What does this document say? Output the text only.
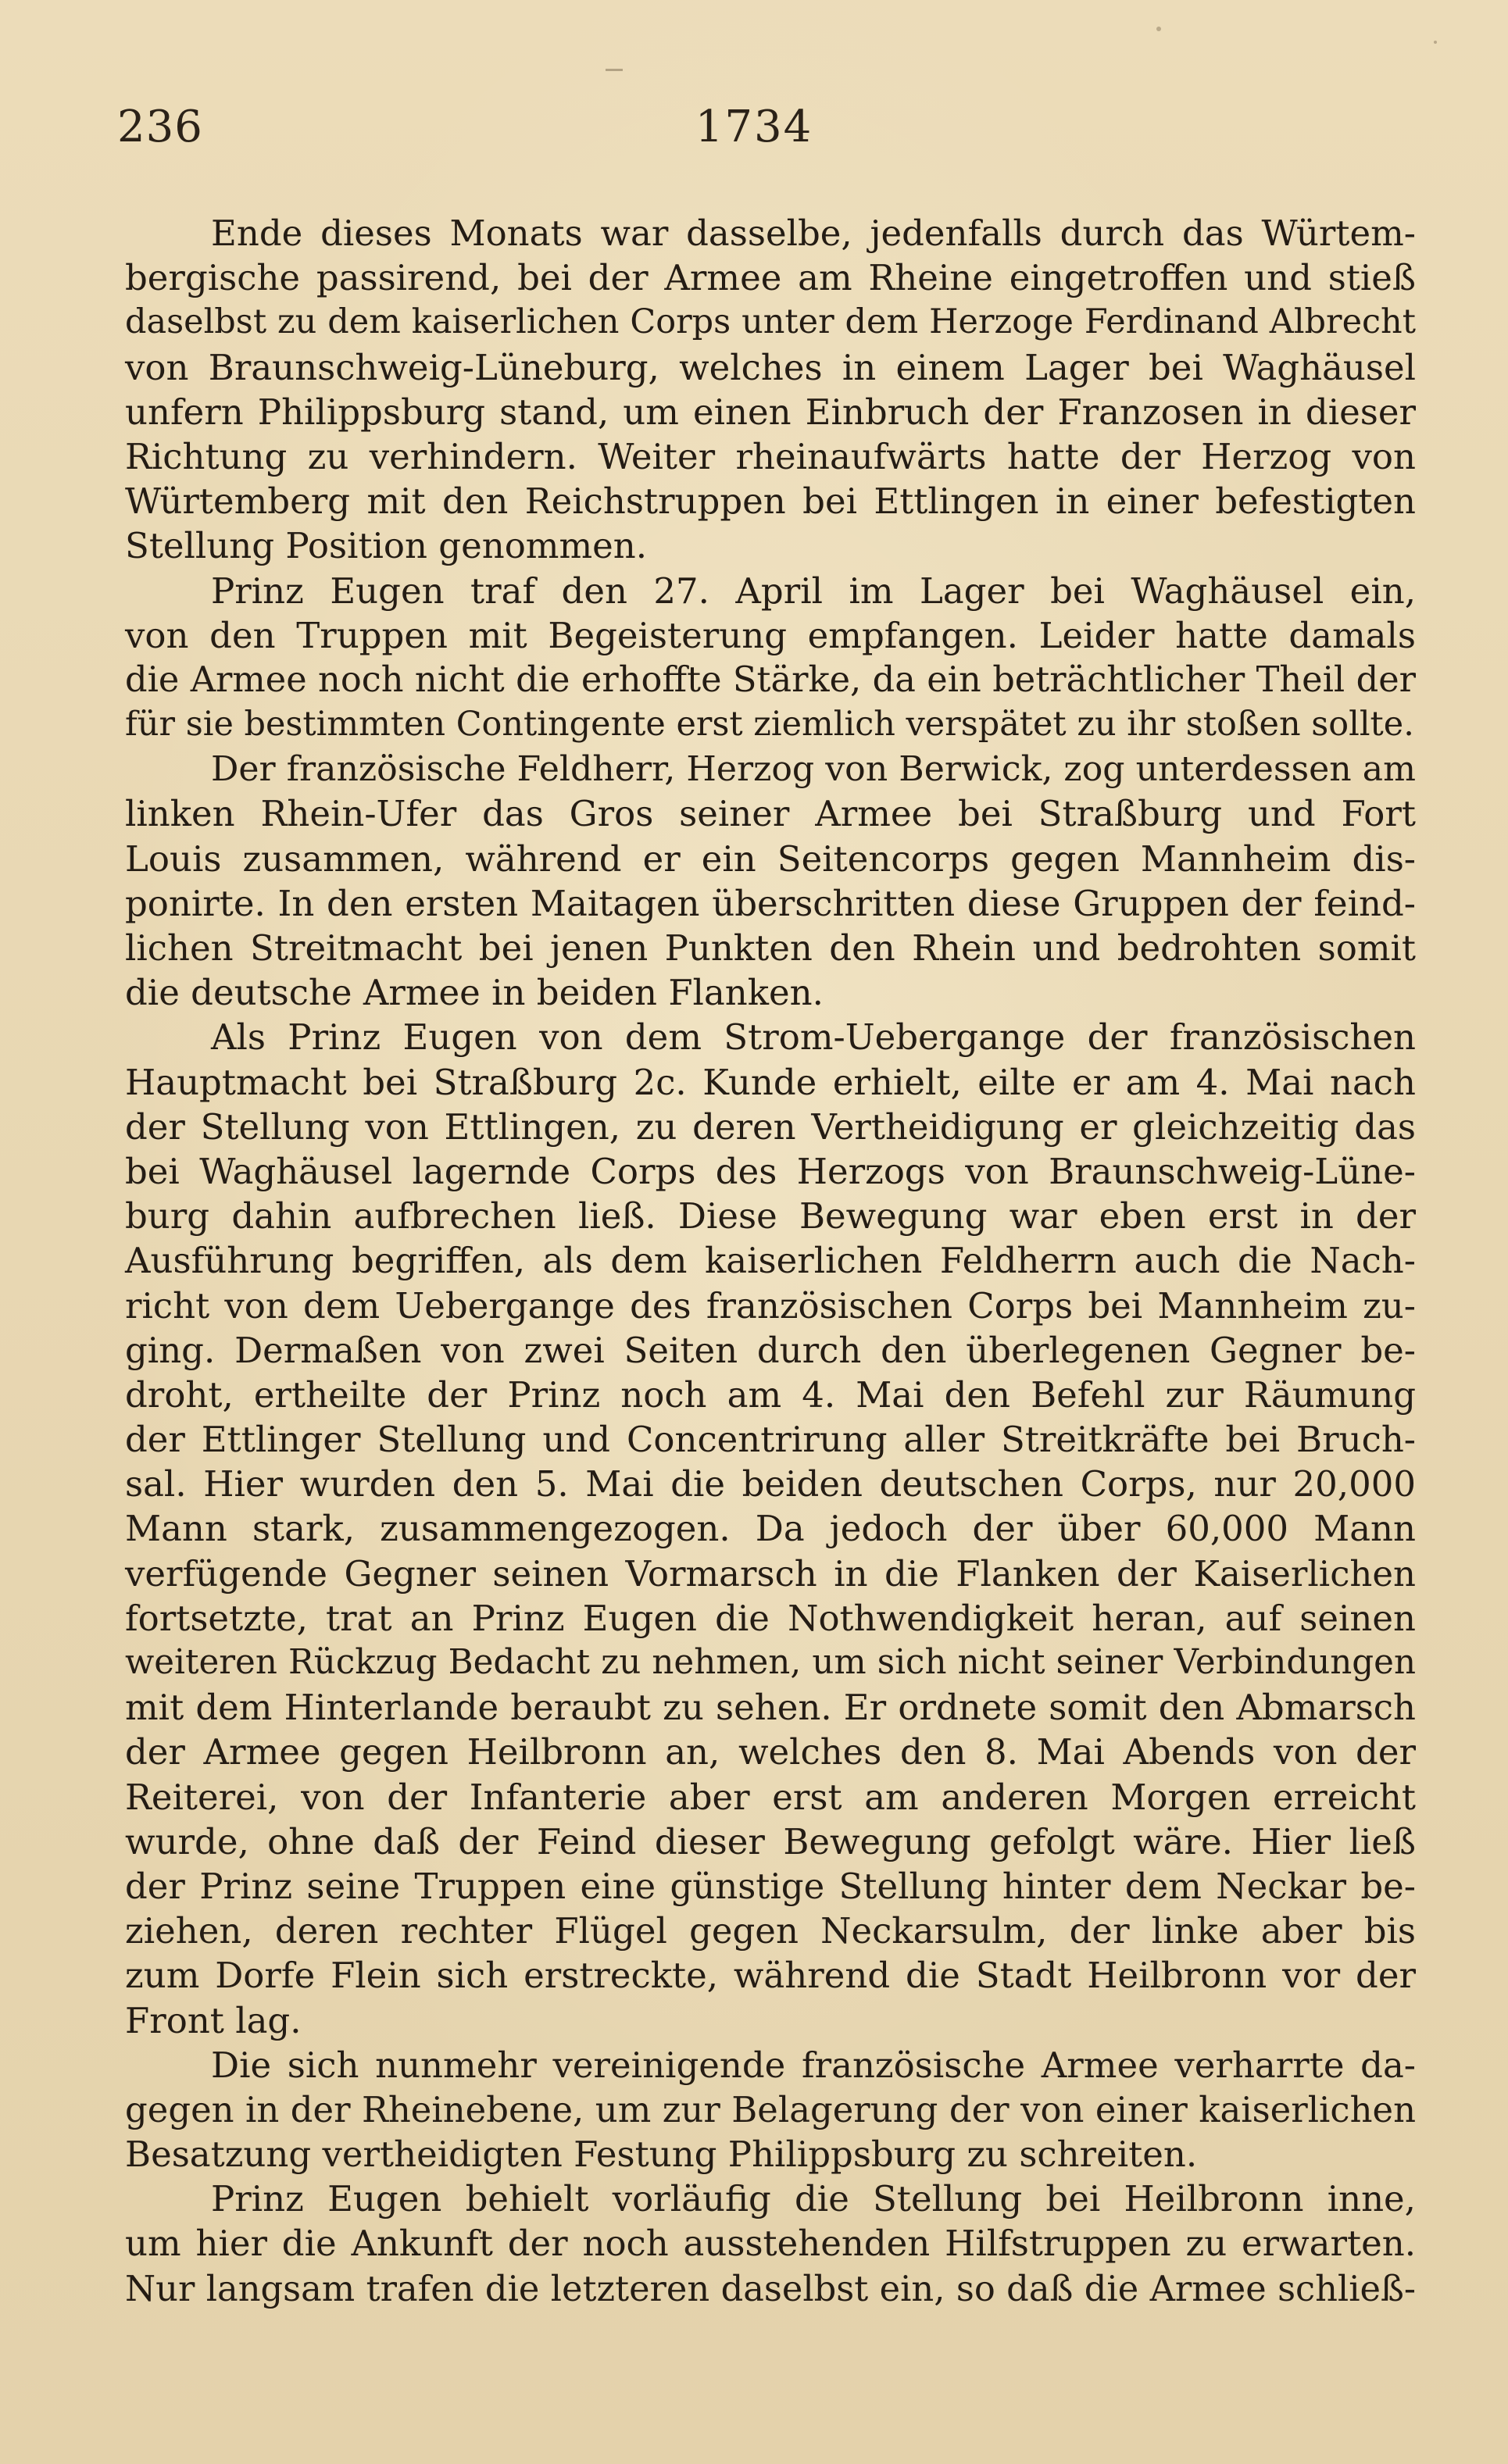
236	1734
Ende dieses Monats war dasselbe, jedenfalls durch das Würtem-
bergische passirend, bei der Armee am Rheine eingetroffen und stieß
daselbst zu dem kaiserlichen Corps unter dem Herzoge Ferdinand Albrecht
von Braunschweig-Lüneburg, welches in einem Lager bei Waghäusel
unfern Philippsburg stand, um einen Einbruch der Franzosen in dieser
Richtung zu verhindern. Weiter rheinaufwärts hatte der Herzog von
Würtemberg mit den Reichstruppen bei Ettlingen in einer befestigten
Stellung Position genommen.
Prinz Eugen traf den 27. April im Lager bei Waghäusel ein,
von den Truppen mit Begeisterung empfangen. Leider hatte damals
die Armee noch nicht die erhoffte Stärke, da ein beträchtlicher Theil der
für sie bestimmten Contingente erst ziemlich verspätet zu ihr stoßen sollte.
Der französische Feldherr, Herzog von Berwick, zog unterdessen am
linken Rhein-Ufer das Gros seiner Armee bei Straßburg und Fort
Louis zusammen, während er ein Seitencorps gegen Mannheim dis-
ponirte. In den ersten Maitagen überschritten diese Gruppen der feind-
lichen Streitmacht bei jenen Punkten den Rhein und bedrohten somit
die deutsche Armee in beiden Flanken.
Als Prinz Eugen von dem Strom-Uebergange der französischen
Hauptmacht bei Straßburg 2c. Kunde erhielt, eilte er am 4. Mai nach
der Stellung von Ettlingen, zu deren Vertheidigung er gleichzeitig das
bei Waghäusel lagernde Corps des Herzogs von Braunschweig-Lüne-
burg dahin aufbrechen ließ. Diese Bewegung war eben erst in der
Ausführung begriffen, als dem kaiserlichen Feldherrn auch die Nach-
richt von dem Uebergange des französischen Corps bei Mannheim zu-
ging. Dermaßen von zwei Seiten durch den überlegenen Gegner be-
droht, ertheilte der Prinz noch am 4. Mai den Befehl zur Räumung
der Ettlinger Stellung und Concentrirung aller Streitkräfte bei Bruch-
sal. Hier wurden den 5. Mai die beiden deutschen Corps, nur 20,000
Mann stark, zusammengezogen. Da jedoch der über 60,000 Mann
verfügende Gegner seinen Vormarsch in die Flanken der Kaiserlichen
fortsetzte, trat an Prinz Eugen die Nothwendigkeit heran, auf seinen
weiteren Rückzug Bedacht zu nehmen, um sich nicht seiner Verbindungen
mit dem Hinterlande beraubt zu sehen. Er ordnete somit den Abmarsch
der Armee gegen Heilbronn an, welches den 8. Mai Abends von der
Reiterei, von der Infanterie aber erst am anderen Morgen erreicht
wurde, ohne daß der Feind dieser Bewegung gefolgt wäre. Hier ließ
der Prinz seine Truppen eine günstige Stellung hinter dem Neckar be-
ziehen, deren rechter Flügel gegen Neckarsulm, der linke aber bis
zum Dorfe Flein sich erstreckte, während die Stadt Heilbronn vor der
Front lag.
Die sich nunmehr vereinigende französische Armee verharrte da-
gegen in der Rheinebene, um zur Belagerung der von einer kaiserlichen
Besatzung vertheidigten Festung Philippsburg zu schreiten.
Prinz Eugen behielt vorläufig die Stellung bei Heilbronn inne,
um hier die Ankunft der noch ausstehenden Hilfstruppen zu erwarten.
Nur langsam trafen die letzteren daselbst ein, so daß die Armee schließ-
